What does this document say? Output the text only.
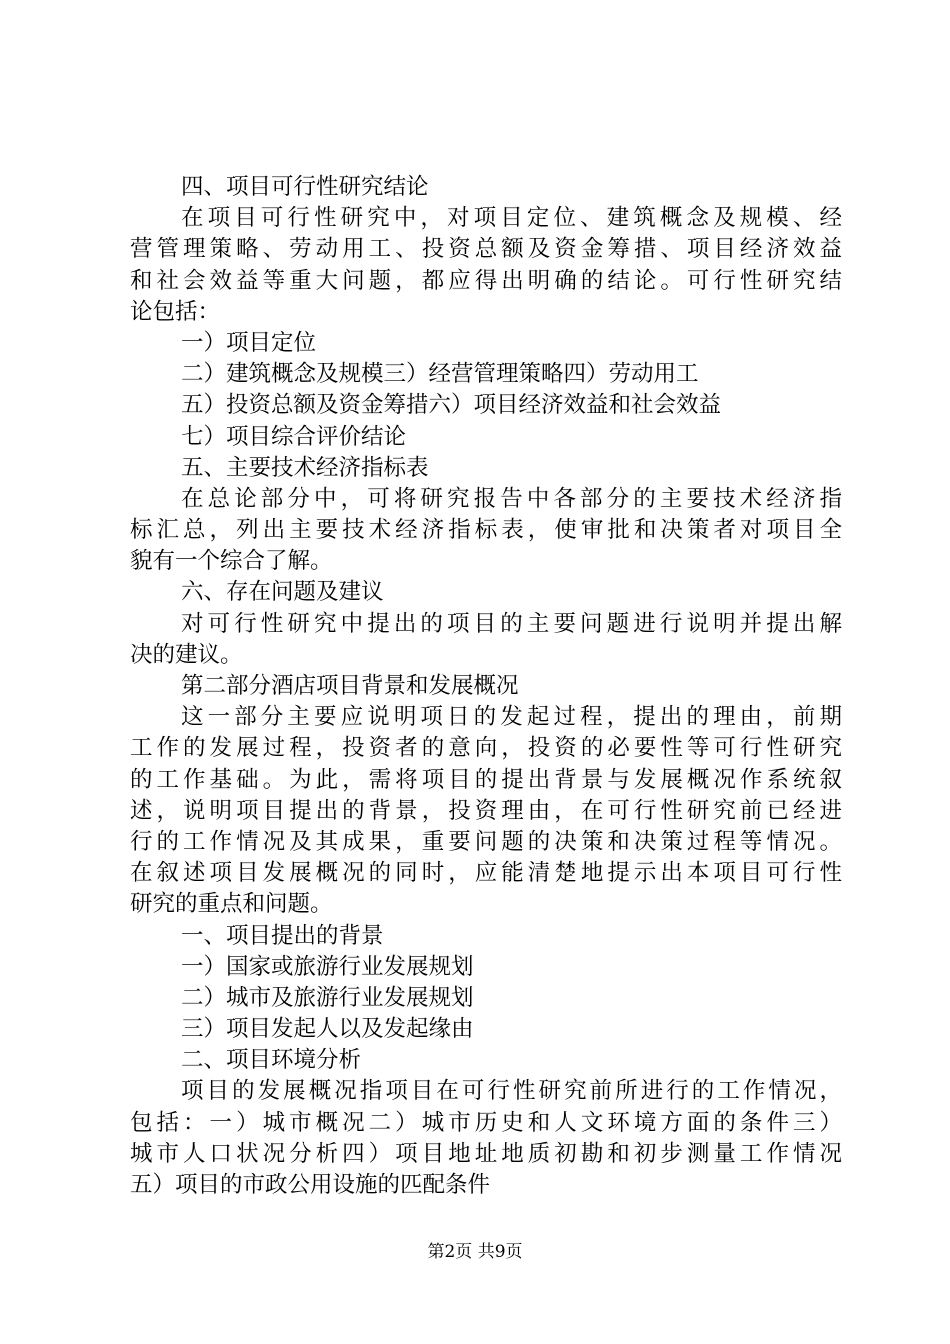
四、项目可行性研究结论
在项目可行性研究中，对项目定位、建筑概念及规模、经
营管理策略、劳动用工、投资总额及资金筹措、项目经济效益
和社会效益等重大问题，都应得出明确的结论。可行性研究结
论包括：
一）项目定位
二）建筑概念及规模三）经营管理策略四）劳动用工
五）投资总额及资金筹措六）项目经济效益和社会效益
七）项目综合评价结论
五、主要技术经济指标表
在总论部分中，可将研究报告中各部分的主要技术经济指
标汇总，列出主要技术经济指标表，使审批和决策者对项目全
貌有一个综合了解。
六、存在问题及建议
对可行性研究中提出的项目的主要问题进行说明并提出解
决的建议。
第二部分酒店项目背景和发展概况
这一部分主要应说明项日的发起过程，提出的理由，前期
工作的发展过程，投资者的意向，投资的必要性等可行性研究
的工作基础。为此，需将项目的提出背景与发展概况作系统叙
述，说明项目提出的背景，投资理由，在可行性研究前已经进
行的工作情况及其成果，重要问题的决策和决策过程等情况。
在叙述项目发展概况的同时，应能清楚地提示出本项目可行性
研究的重点和问题。
一、项目提出的背景
一）国家或旅游行业发展规划
二）城市及旅游行业发展规划
三）项目发起人以及发起缘由
二、项目环境分析
项目的发展概况指项目在可行性研究前所进行的工作情况，
包括：一）城市概况二）城市历史和人文环境方面的条件三）
城市人口状况分析四）项目地址地质初勘和初步测量工作情况
五）项目的市政公用设施的匹配条件
第2页 共9页
